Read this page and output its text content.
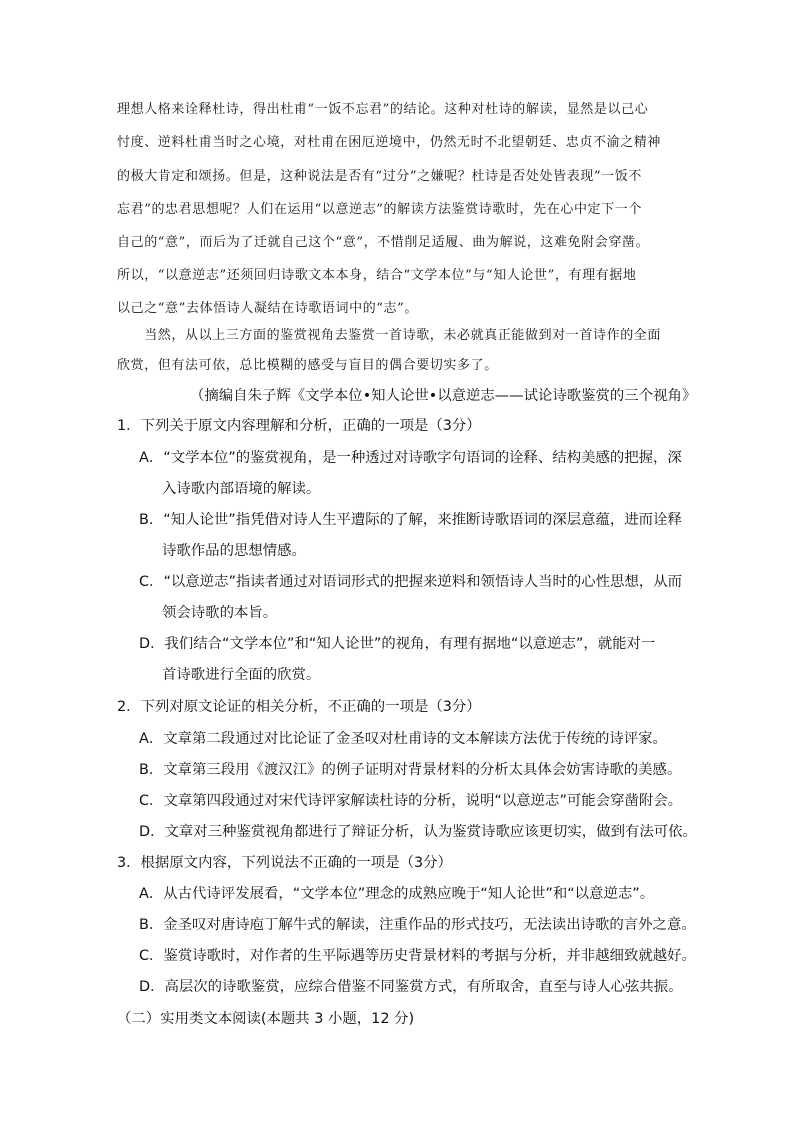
理想人格来诠释杜诗，得出杜甫“一饭不忘君”的结论。这种对杜诗的解读，显然是以己心
忖度、逆料杜甫当时之心境，对杜甫在困厄逆境中，仍然无时不北望朝廷、忠贞不渝之精神
的极大肯定和颂扬。但是，这种说法是否有“过分”之嫌呢？杜诗是否处处皆表现“一饭不
忘君”的忠君思想呢？人们在运用“以意逆志”的解读方法鉴赏诗歌时，先在心中定下一个
自己的“意”，而后为了迁就自己这个“意”，不惜削足适履、曲为解说，这难免附会穿凿。
所以，“以意逆志”还须回归诗歌文本本身，结合“文学本位”与“知人论世”，有理有据地
以己之“意”去体悟诗人凝结在诗歌语词中的“志”。
　　当然，从以上三方面的鉴赏视角去鉴赏一首诗歌，未必就真正能做到对一首诗作的全面
欣赏，但有法可依，总比模糊的感受与盲目的偶合要切实多了。
（摘编自朱子辉《文学本位•知人论世•以意逆志——试论诗歌鉴赏的三个视角》
1．下列关于原文内容理解和分析，正确的一项是（3分）
A．“文学本位”的鉴赏视角，是一种透过对诗歌字句语词的诠释、结构美感的把握，深
入诗歌内部语境的解读。
B．“知人论世”指凭借对诗人生平遭际的了解，来推断诗歌语词的深层意蕴，进而诠释
诗歌作品的思想情感。
C．“以意逆志”指读者通过对语词形式的把握来逆料和领悟诗人当时的心性思想，从而
领会诗歌的本旨。
D．我们结合“文学本位”和“知人论世”的视角，有理有据地“以意逆志”，就能对一
首诗歌进行全面的欣赏。
2．下列对原文论证的相关分析，不正确的一项是（3分）
A．文章第二段通过对比论证了金圣叹对杜甫诗的文本解读方法优于传统的诗评家。
B．文章第三段用《渡汉江》的例子证明对背景材料的分析太具体会妨害诗歌的美感。
C．文章第四段通过对宋代诗评家解读杜诗的分析，说明“以意逆志”可能会穿凿附会。
D．文章对三种鉴赏视角都进行了辩证分析，认为鉴赏诗歌应该更切实，做到有法可依。
3．根据原文内容，下列说法不正确的一项是（3分）
A．从古代诗评发展看，“文学本位”理念的成熟应晚于“知人论世”和“以意逆志”。
B．金圣叹对唐诗庖丁解牛式的解读，注重作品的形式技巧，无法读出诗歌的言外之意。
C．鉴赏诗歌时，对作者的生平际遇等历史背景材料的考据与分析，并非越细致就越好。
D．高层次的诗歌鉴赏，应综合借鉴不同鉴赏方式，有所取舍，直至与诗人心弦共振。
（二）实用类文本阅读(本题共 3 小题，12 分)
